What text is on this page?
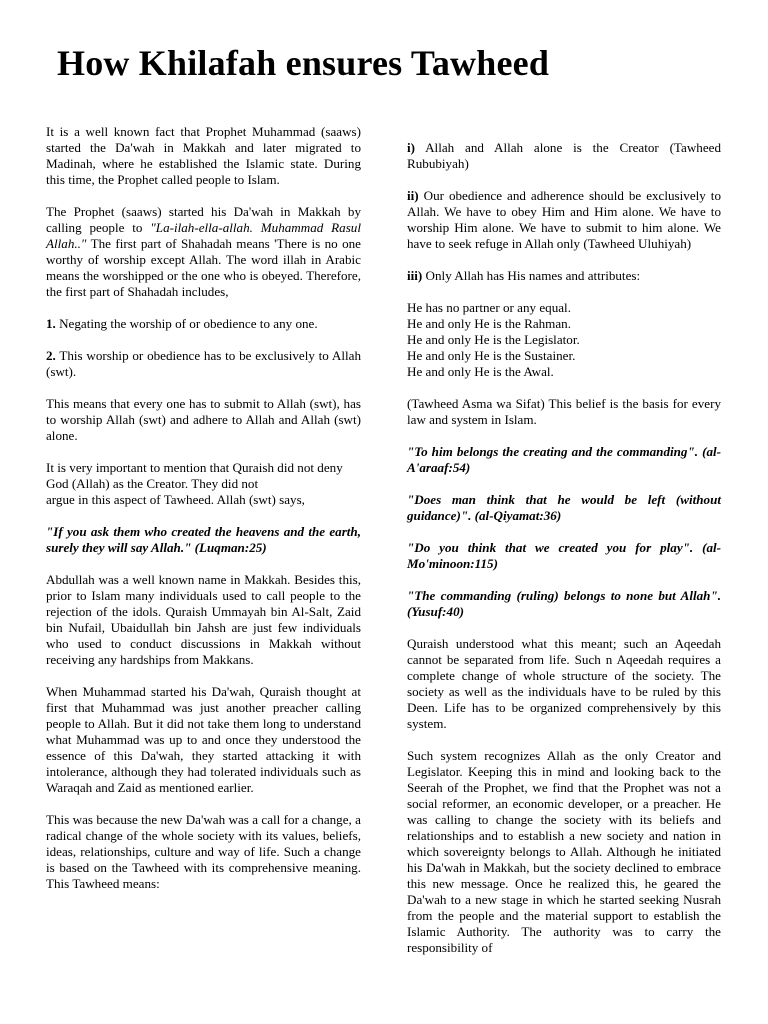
How Khilafah ensures Tawheed

It is a well known fact that Prophet Muhammad (saaws) started the Da'wah in Makkah and later migrated to Madinah, where he established the Islamic state. During this time, the Prophet called people to Islam.

The Prophet (saaws) started his Da'wah in Makkah by calling people to "La-ilah-ella-allah. Muhammad Rasul Allah.." The first part of Shahadah means 'There is no one worthy of worship except Allah. The word illah in Arabic means the worshipped or the one who is obeyed. Therefore, the first part of Shahadah includes,

1. Negating the worship of or obedience to any one.

2. This worship or obedience has to be exclusively to Allah (swt).

This means that every one has to submit to Allah (swt), has to worship Allah (swt) and adhere to Allah and Allah (swt) alone.

It is very important to mention that Quraish did not deny God (Allah) as the Creator. They did not
argue in this aspect of Tawheed. Allah (swt) says,

"If you ask them who created the heavens and the earth, surely they will say Allah." (Luqman:25)

Abdullah was a well known name in Makkah. Besides this, prior to Islam many individuals used to call people to the rejection of the idols. Quraish Ummayah bin Al-Salt, Zaid bin Nufail, Ubaidullah bin Jahsh are just few individuals who used to conduct discussions in Makkah without receiving any hardships from Makkans.

When Muhammad started his Da'wah, Quraish thought at first that Muhammad was just another preacher calling people to Allah. But it did not take them long to understand what Muhammad was up to and once they understood the essence of this Da'wah, they started attacking it with intolerance, although they had tolerated individuals such as Waraqah and Zaid as mentioned earlier.

This was because the new Da'wah was a call for a change, a radical change of the whole society with its values, beliefs, ideas, relationships, culture and way of life. Such a change is based on the Tawheed with its comprehensive meaning. This Tawheed means:

i) Allah and Allah alone is the Creator (Tawheed Rububiyah)

ii) Our obedience and adherence should be exclusively to Allah. We have to obey Him and Him alone. We have to worship Him alone. We have to submit to him alone. We have to seek refuge in Allah only (Tawheed Uluhiyah)

iii) Only Allah has His names and attributes:

He has no partner or any equal.
He and only He is the Rahman.
He and only He is the Legislator.
He and only He is the Sustainer.
He and only He is the Awal.

(Tawheed Asma wa Sifat) This belief is the basis for every law and system in Islam.

"To him belongs the creating and the commanding". (al-A'araaf:54)

"Does man think that he would be left (without guidance)". (al-Qiyamat:36)

"Do you think that we created you for play". (al-Mo'minoon:115)

"The commanding (ruling) belongs to none but Allah". (Yusuf:40)

Quraish understood what this meant; such an Aqeedah cannot be separated from life. Such n Aqeedah requires a complete change of whole structure of the society. The society as well as the individuals have to be ruled by this Deen. Life has to be organized comprehensively by this system.

Such system recognizes Allah as the only Creator and Legislator. Keeping this in mind and looking back to the Seerah of the Prophet, we find that the Prophet was not a social reformer, an economic developer, or a preacher. He was calling to change the society with its beliefs and relationships and to establish a new society and nation in which sovereignty belongs to Allah. Although he initiated his Da'wah in Makkah, but the society declined to embrace this new message. Once he realized this, he geared the Da'wah to a new stage in which he started seeking Nusrah from the people and the material support to establish the Islamic Authority. The authority was to carry the responsibility of
